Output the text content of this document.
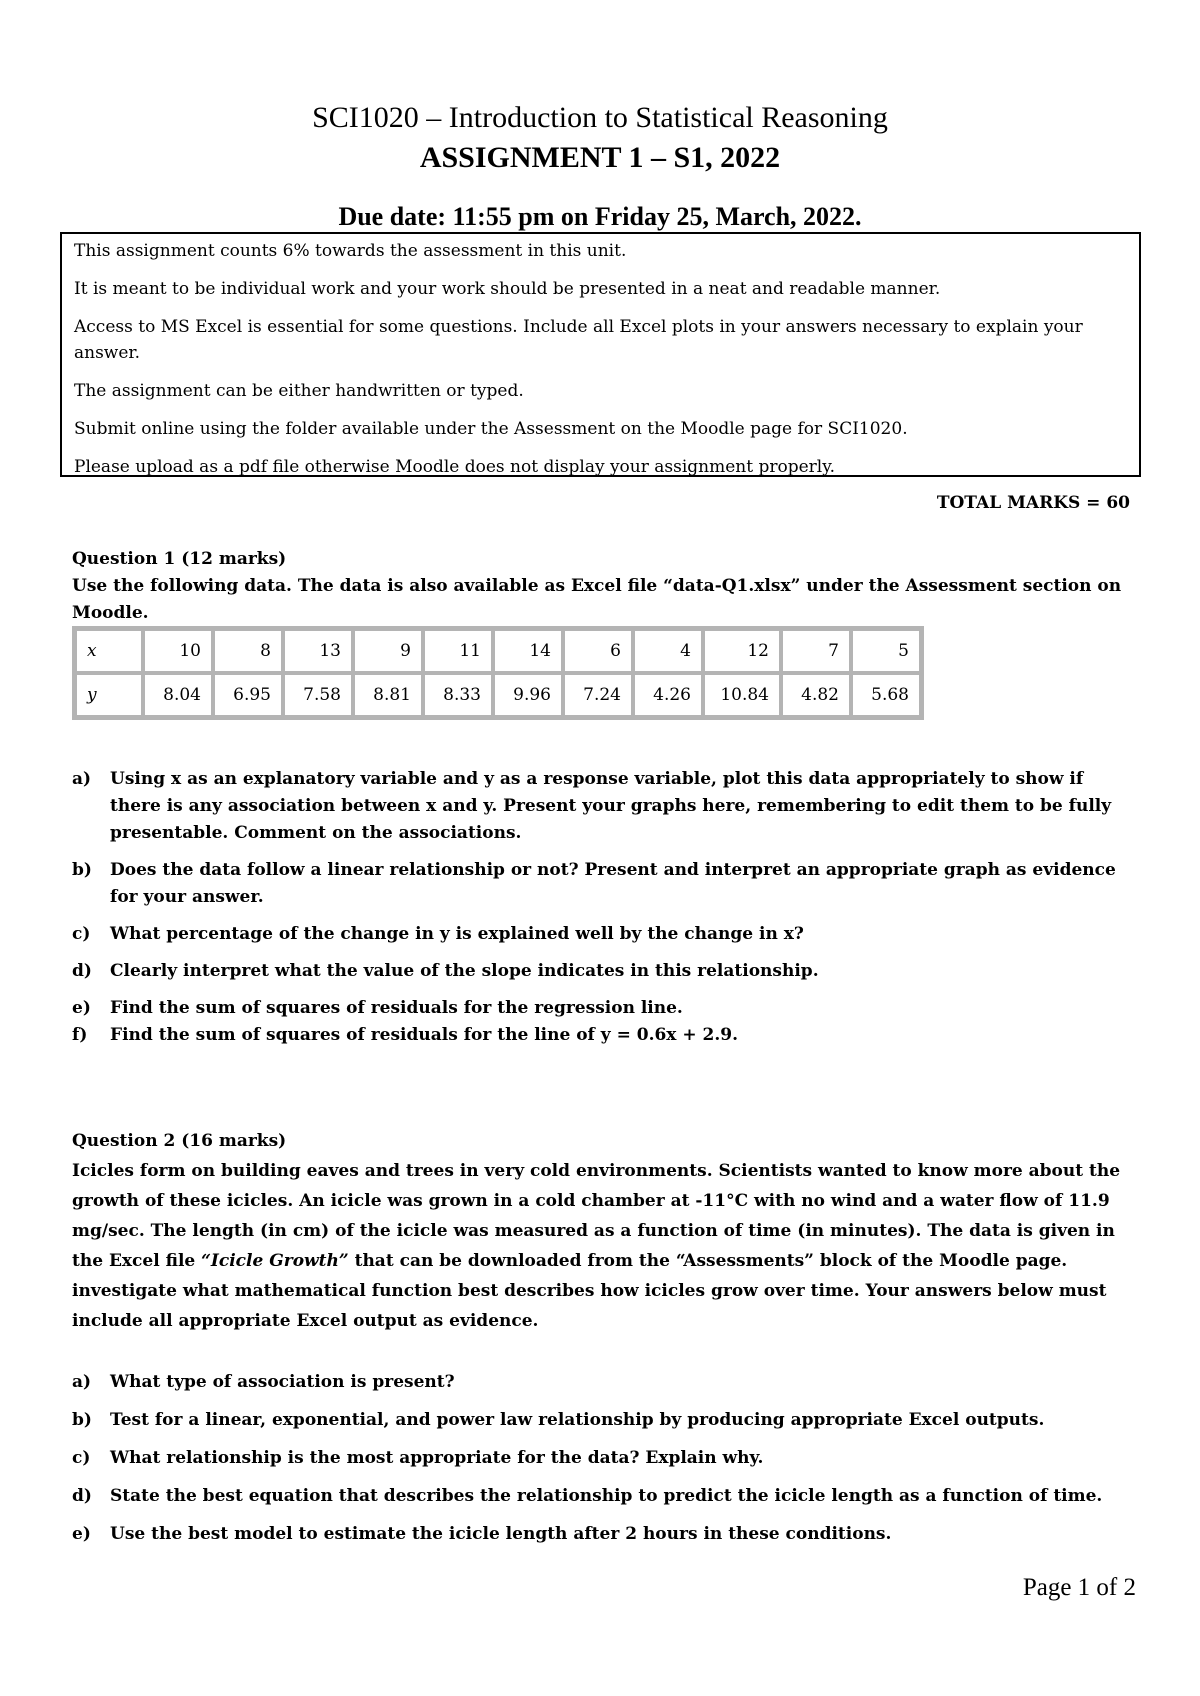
SCI1020 – Introduction to Statistical Reasoning
ASSIGNMENT 1 – S1, 2022
Due date: 11:55 pm on Friday 25, March, 2022.

This assignment counts 6% towards the assessment in this unit.

It is meant to be individual work and your work should be presented in a neat and readable manner.

Access to MS Excel is essential for some questions. Include all Excel plots in your answers necessary to explain your answer.

The assignment can be either handwritten or typed.

Submit online using the folder available under the Assessment on the Moodle page for SCI1020.

Please upload as a pdf file otherwise Moodle does not display your assignment properly.

TOTAL MARKS = 60

Question 1 (12 marks)

Use the following data. The data is also available as Excel file “data-Q1.xlsx” under the Assessment section on Moodle.

x	10	8	13	9	11	14	6	4	12	7	5
y	8.04	6.95	7.58	8.81	8.33	9.96	7.24	4.26	10.84	4.82	5.68
a) Using x as an explanatory variable and y as a response variable, plot this data appropriately to show if there is any association between x and y. Present your graphs here, remembering to edit them to be fully presentable. Comment on the associations.
b) Does the data follow a linear relationship or not? Present and interpret an appropriate graph as evidence for your answer.
c) What percentage of the change in y is explained well by the change in x?
d) Clearly interpret what the value of the slope indicates in this relationship.
e) Find the sum of squares of residuals for the regression line.
f) Find the sum of squares of residuals for the line of y = 0.6x + 2.9.

Question 2 (16 marks)

Icicles form on building eaves and trees in very cold environments. Scientists wanted to know more about the growth of these icicles. An icicle was grown in a cold chamber at -11°C with no wind and a water flow of 11.9 mg/sec. The length (in cm) of the icicle was measured as a function of time (in minutes). The data is given in the Excel file “Icicle Growth” that can be downloaded from the “Assessments” block of the Moodle page. investigate what mathematical function best describes how icicles grow over time. Your answers below must include all appropriate Excel output as evidence.

a) What type of association is present?
b) Test for a linear, exponential, and power law relationship by producing appropriate Excel outputs.
c) What relationship is the most appropriate for the data? Explain why.
d) State the best equation that describes the relationship to predict the icicle length as a function of time.
e) Use the best model to estimate the icicle length after 2 hours in these conditions.
Page 1 of 2
